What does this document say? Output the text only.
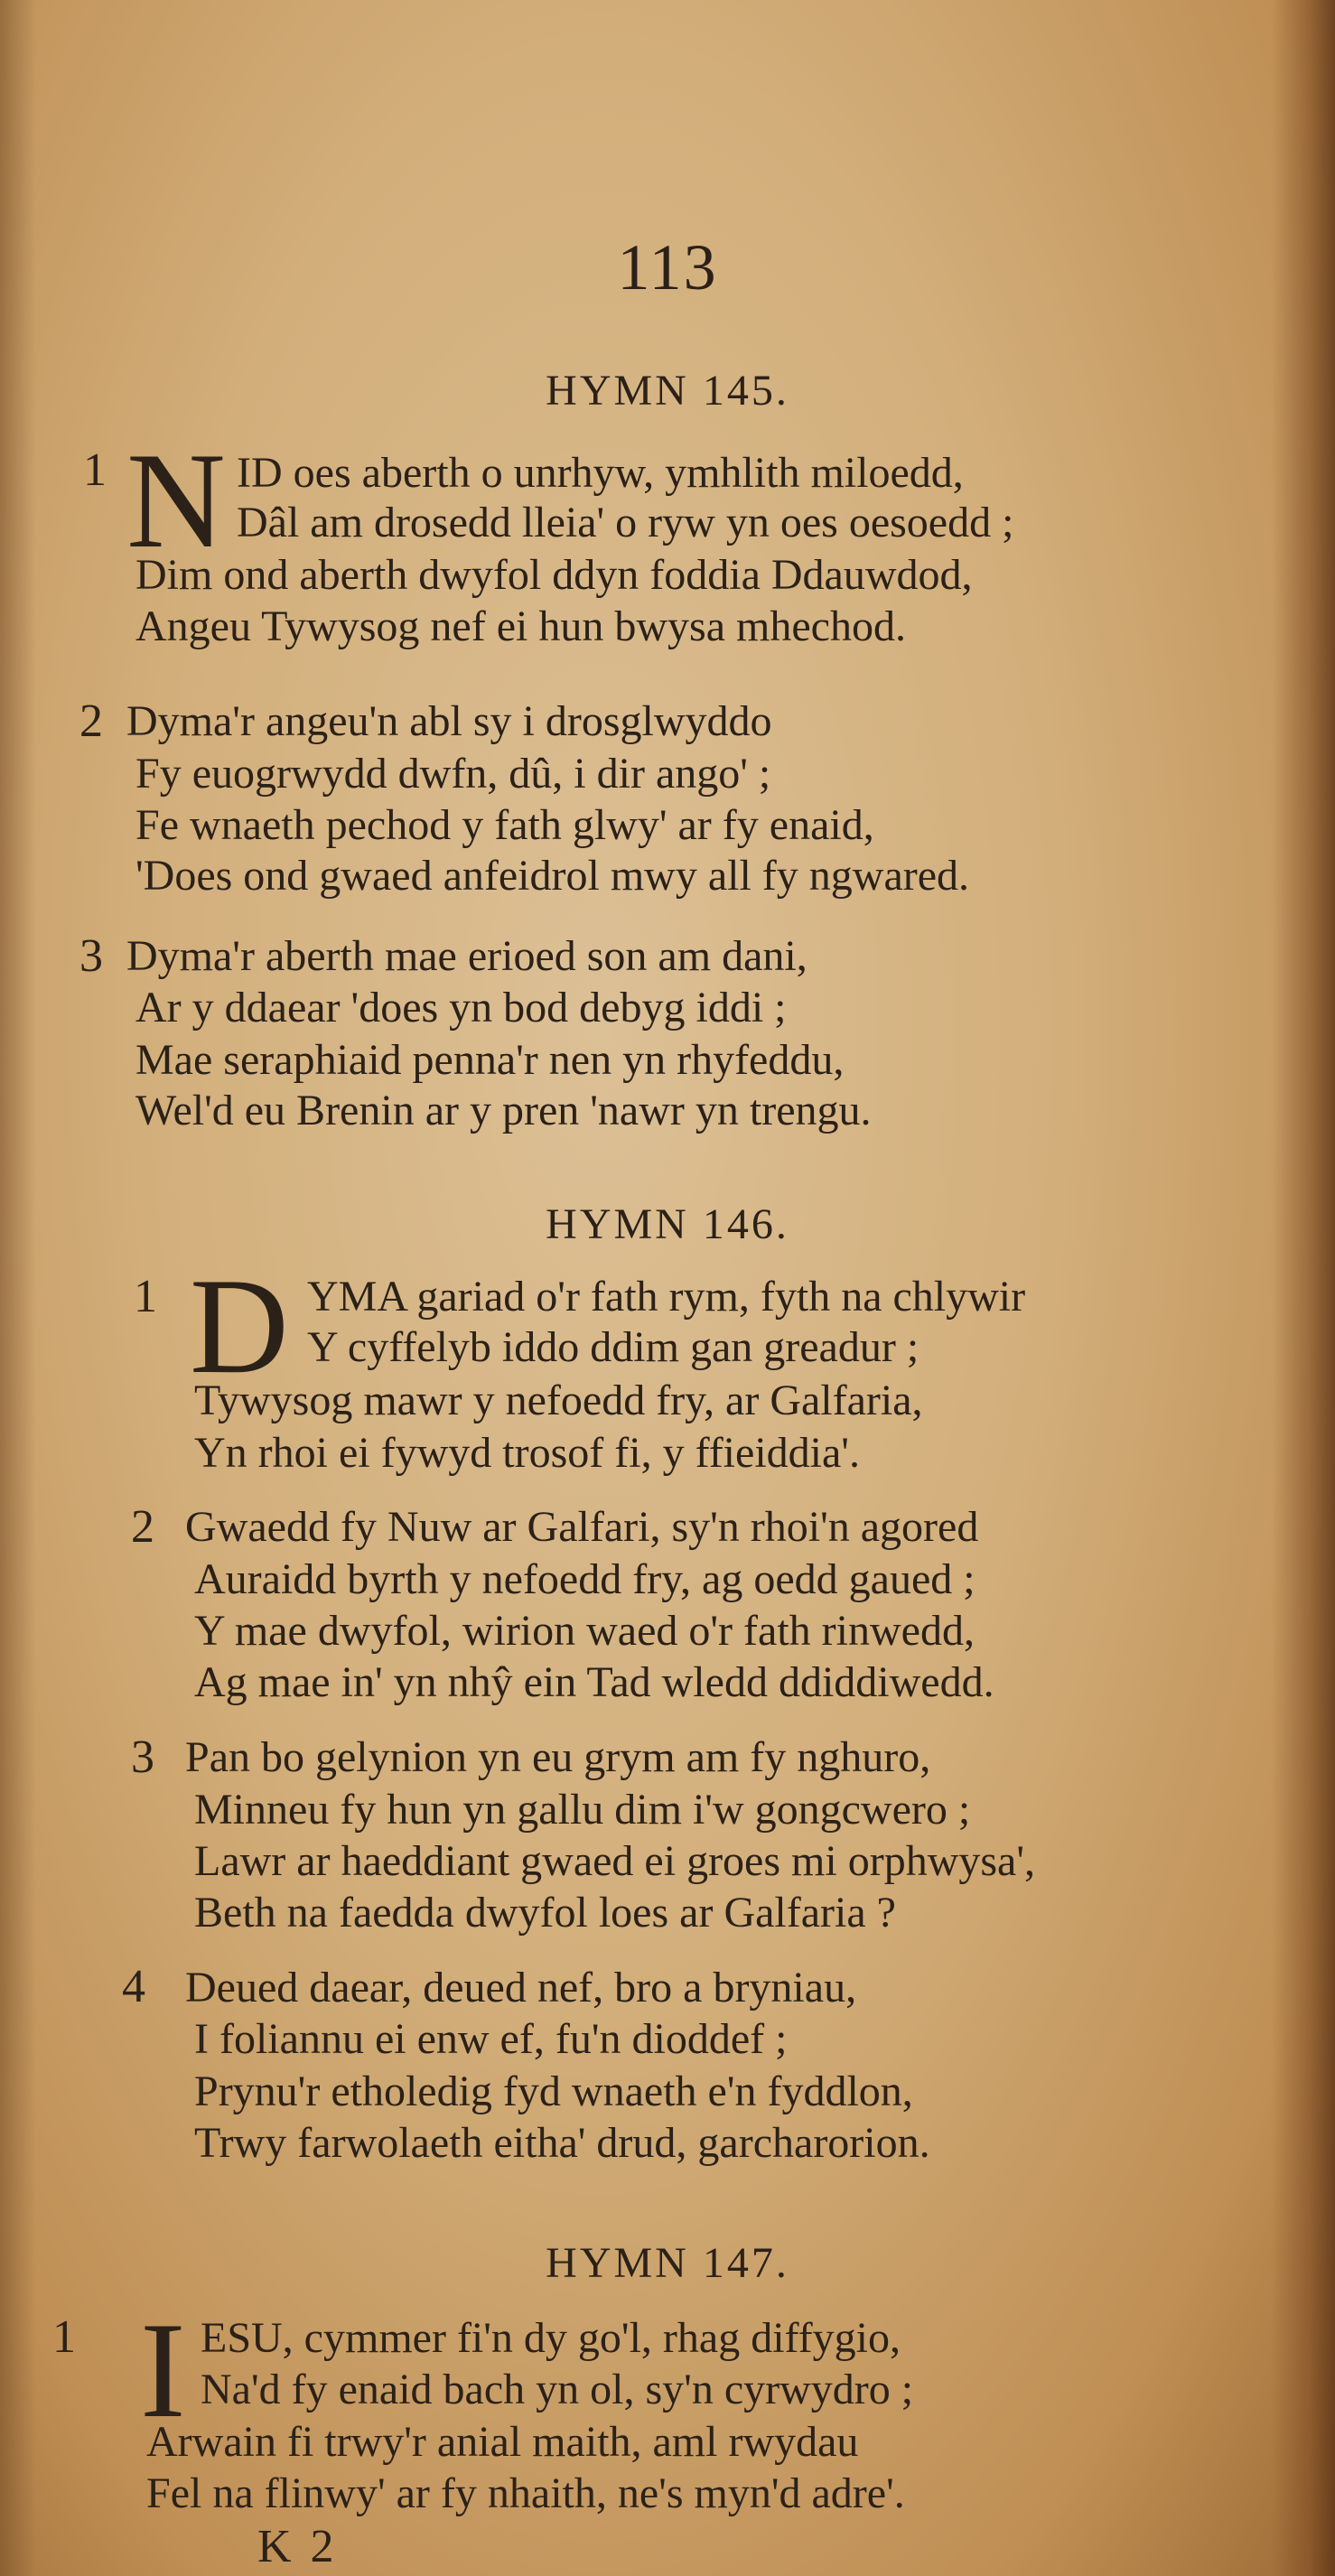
113
HYMN 145.
1 N ID oes aberth o unrhyw, ymhlith miloedd,
Dâl am drosedd lleia' o ryw yn oes oesoedd ;
Dim ond aberth dwyfol ddyn foddia Ddauwdod,
Angeu Tywysog nef ei hun bwysa mhechod.
2 Dyma'r angeu'n abl sy i drosglwyddo
Fy euogrwydd dwfn, dû, i dir ango' ;
Fe wnaeth pechod y fath glwy' ar fy enaid,
'Does ond gwaed anfeidrol mwy all fy ngwared.
3 Dyma'r aberth mae erioed son am dani,
Ar y ddaear 'does yn bod debyg iddi ;
Mae seraphiaid penna'r nen yn rhyfeddu,
Wel'd eu Brenin ar y pren 'nawr yn trengu.
HYMN 146.
1 D YMA gariad o'r fath rym, fyth na chlywir
Y cyffelyb iddo ddim gan greadur ;
Tywysog mawr y nefoedd fry, ar Galfaria,
Yn rhoi ei fywyd trosof fi, y ffieiddia'.
2 Gwaedd fy Nuw ar Galfari, sy'n rhoi'n agored
Auraidd byrth y nefoedd fry, ag oedd gaued ;
Y mae dwyfol, wirion waed o'r fath rinwedd,
Ag mae in' yn nhŷ ein Tad wledd ddiddiwedd.
3 Pan bo gelynion yn eu grym am fy nghuro,
Minneu fy hun yn gallu dim i'w gongcwero ;
Lawr ar haeddiant gwaed ei groes mi orphwysa',
Beth na faedda dwyfol loes ar Galfaria ?
4 Deued daear, deued nef, bro a bryniau,
I foliannu ei enw ef, fu'n dioddef ;
Prynu'r etholedig fyd wnaeth e'n fyddlon,
Trwy farwolaeth eitha' drud, garcharorion.
HYMN 147.
1 I ESU, cymmer fi'n dy go'l, rhag diffygio,
Na'd fy enaid bach yn ol, sy'n cyrwydro ;
Arwain fi trwy'r anial maith, aml rwydau
Fel na flinwy' ar fy nhaith, ne's myn'd adre'.
K 2
